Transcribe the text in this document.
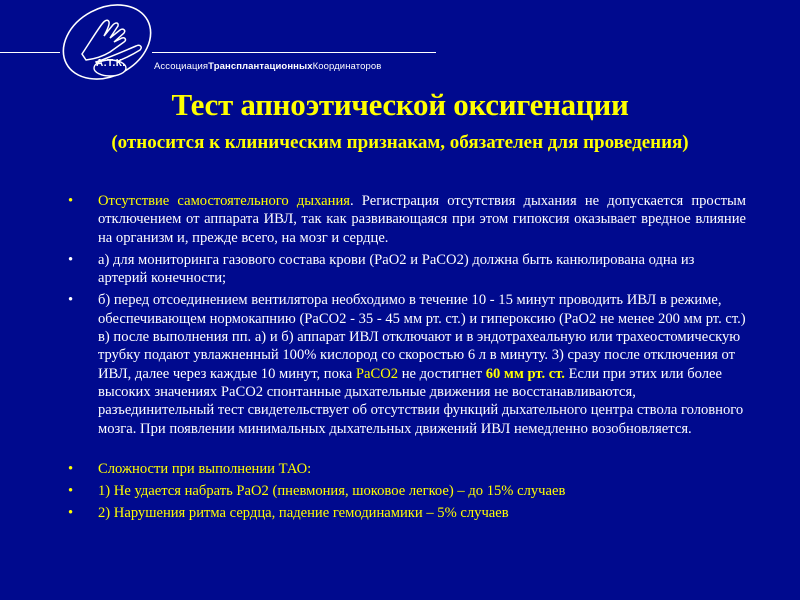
А.Т.К.	АссоциацияТрансплантационныхКоординаторов
Тест апноэтической оксигенации
(относится к клиническим признакам, обязателен для проведения)
• Отсутствие самостоятельного дыхания. Регистрация отсутствия дыхания не допускается простым отключением от аппарата ИВЛ, так как развивающаяся при этом гипоксия оказывает вредное влияние на организм и, прежде всего, на мозг и сердце.
• а) для мониторинга газового состава крови (РаО2 и РаСО2) должна быть канюлирована одна из артерий конечности;
• б) перед отсоединением вентилятора необходимо в течение 10 - 15 минут проводить ИВЛ в режиме, обеспечивающем нормокапнию (РаСО2 - 35 - 45 мм рт. ст.) и гипероксию (РаО2 не менее 200 мм рт. ст.) в) после выполнения пп. а) и б) аппарат ИВЛ отключают и в эндотрахеальную или трахеостомическую трубку подают увлажненный 100% кислород со скоростью 6 л в минуту. 3) сразу после отключения от ИВЛ, далее через каждые 10 минут, пока РаСО2 не достигнет 60 мм рт. ст. Если при этих или более высоких значениях РаСО2 спонтанные дыхательные движения не восстанавливаются, разъединительный тест свидетельствует об отсутствии функций дыхательного центра ствола головного мозга. При появлении минимальных дыхательных движений ИВЛ немедленно возобновляется.
• Сложности при выполнении ТАО:
• 1) Не удается набрать РаО2 (пневмония, шоковое легкое) – до 15% случаев
• 2) Нарушения ритма сердца, падение гемодинамики – 5% случаев
